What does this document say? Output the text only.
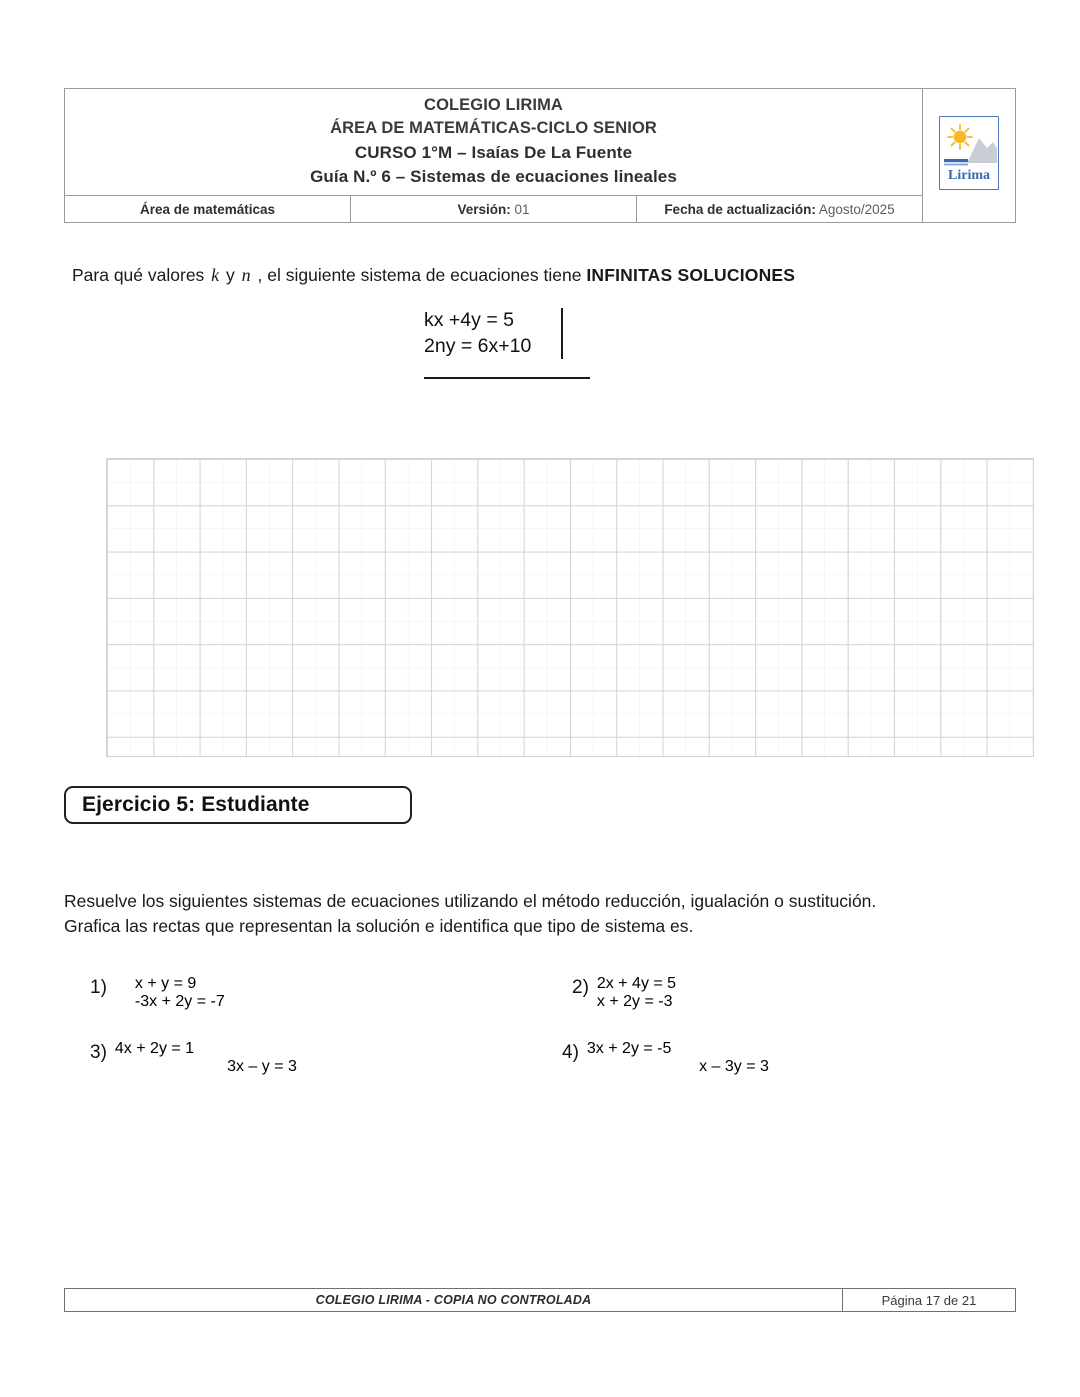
COLEGIO LIRIMA
ÁREA DE MATEMÁTICAS-CICLO SENIOR
CURSO 1°M – Isaías De La Fuente
Guía N.º 6 – Sistemas de ecuaciones lineales			Lirima

Área de matemáticas	Versión: 01	Fecha de actualización: Agosto/2025	
Para qué valores k y n , el siguiente sistema de ecuaciones tiene INFINITAS SOLUCIONES
kx +4y = 5
2ny = 6x+10
Ejercicio 5: Estudiante
Resuelve los siguientes sistemas de ecuaciones utilizando el método reducción, igualación o sustitución.
Grafica las rectas que representan la solución e identifica que tipo de sistema es.
1) x + y = 9
-3x + 2y = -7
2) 2x + 4y = 5
x + 2y = -3
3) 4x + 2y = 1
3x – y = 3
4) 3x + 2y = -5
x – 3y = 3
COLEGIO LIRIMA - COPIA NO CONTROLADA	Página 17 de 21
